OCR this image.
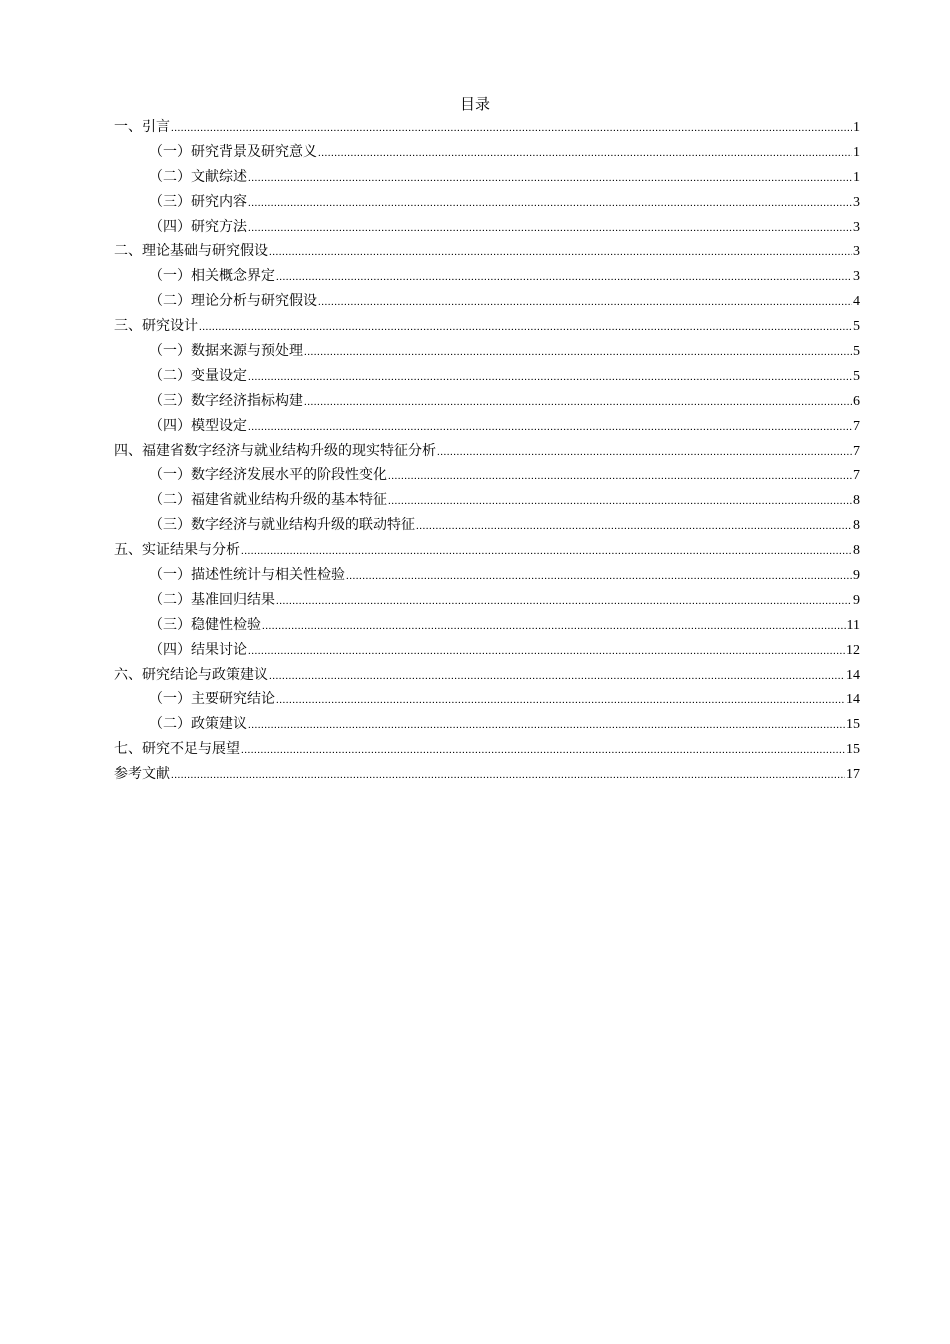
目录
一、引言 .....	1
（一）研究背景及研究意义 .....	1
（二）文献综述 .....	1
（三）研究内容 .....	3
（四）研究方法 .....	3
二、理论基础与研究假设 .....	3
（一）相关概念界定 .....	3
（二）理论分析与研究假设 .....	4
三、研究设计 .....	5
（一）数据来源与预处理 .....	5
（二）变量设定 .....	5
（三）数字经济指标构建 .....	6
（四）模型设定 .....	7
四、福建省数字经济与就业结构升级的现实特征分析 .....	7
（一）数字经济发展水平的阶段性变化 .....	7
（二）福建省就业结构升级的基本特征 .....	8
（三）数字经济与就业结构升级的联动特征 .....	8
五、实证结果与分析 .....	8
（一）描述性统计与相关性检验 .....	9
（二）基准回归结果 .....	9
（三）稳健性检验 .....	11
（四）结果讨论 .....	12
六、研究结论与政策建议 .....	14
（一）主要研究结论 .....	14
（二）政策建议 .....	15
七、研究不足与展望 .....	15
参考文献 .....	17
